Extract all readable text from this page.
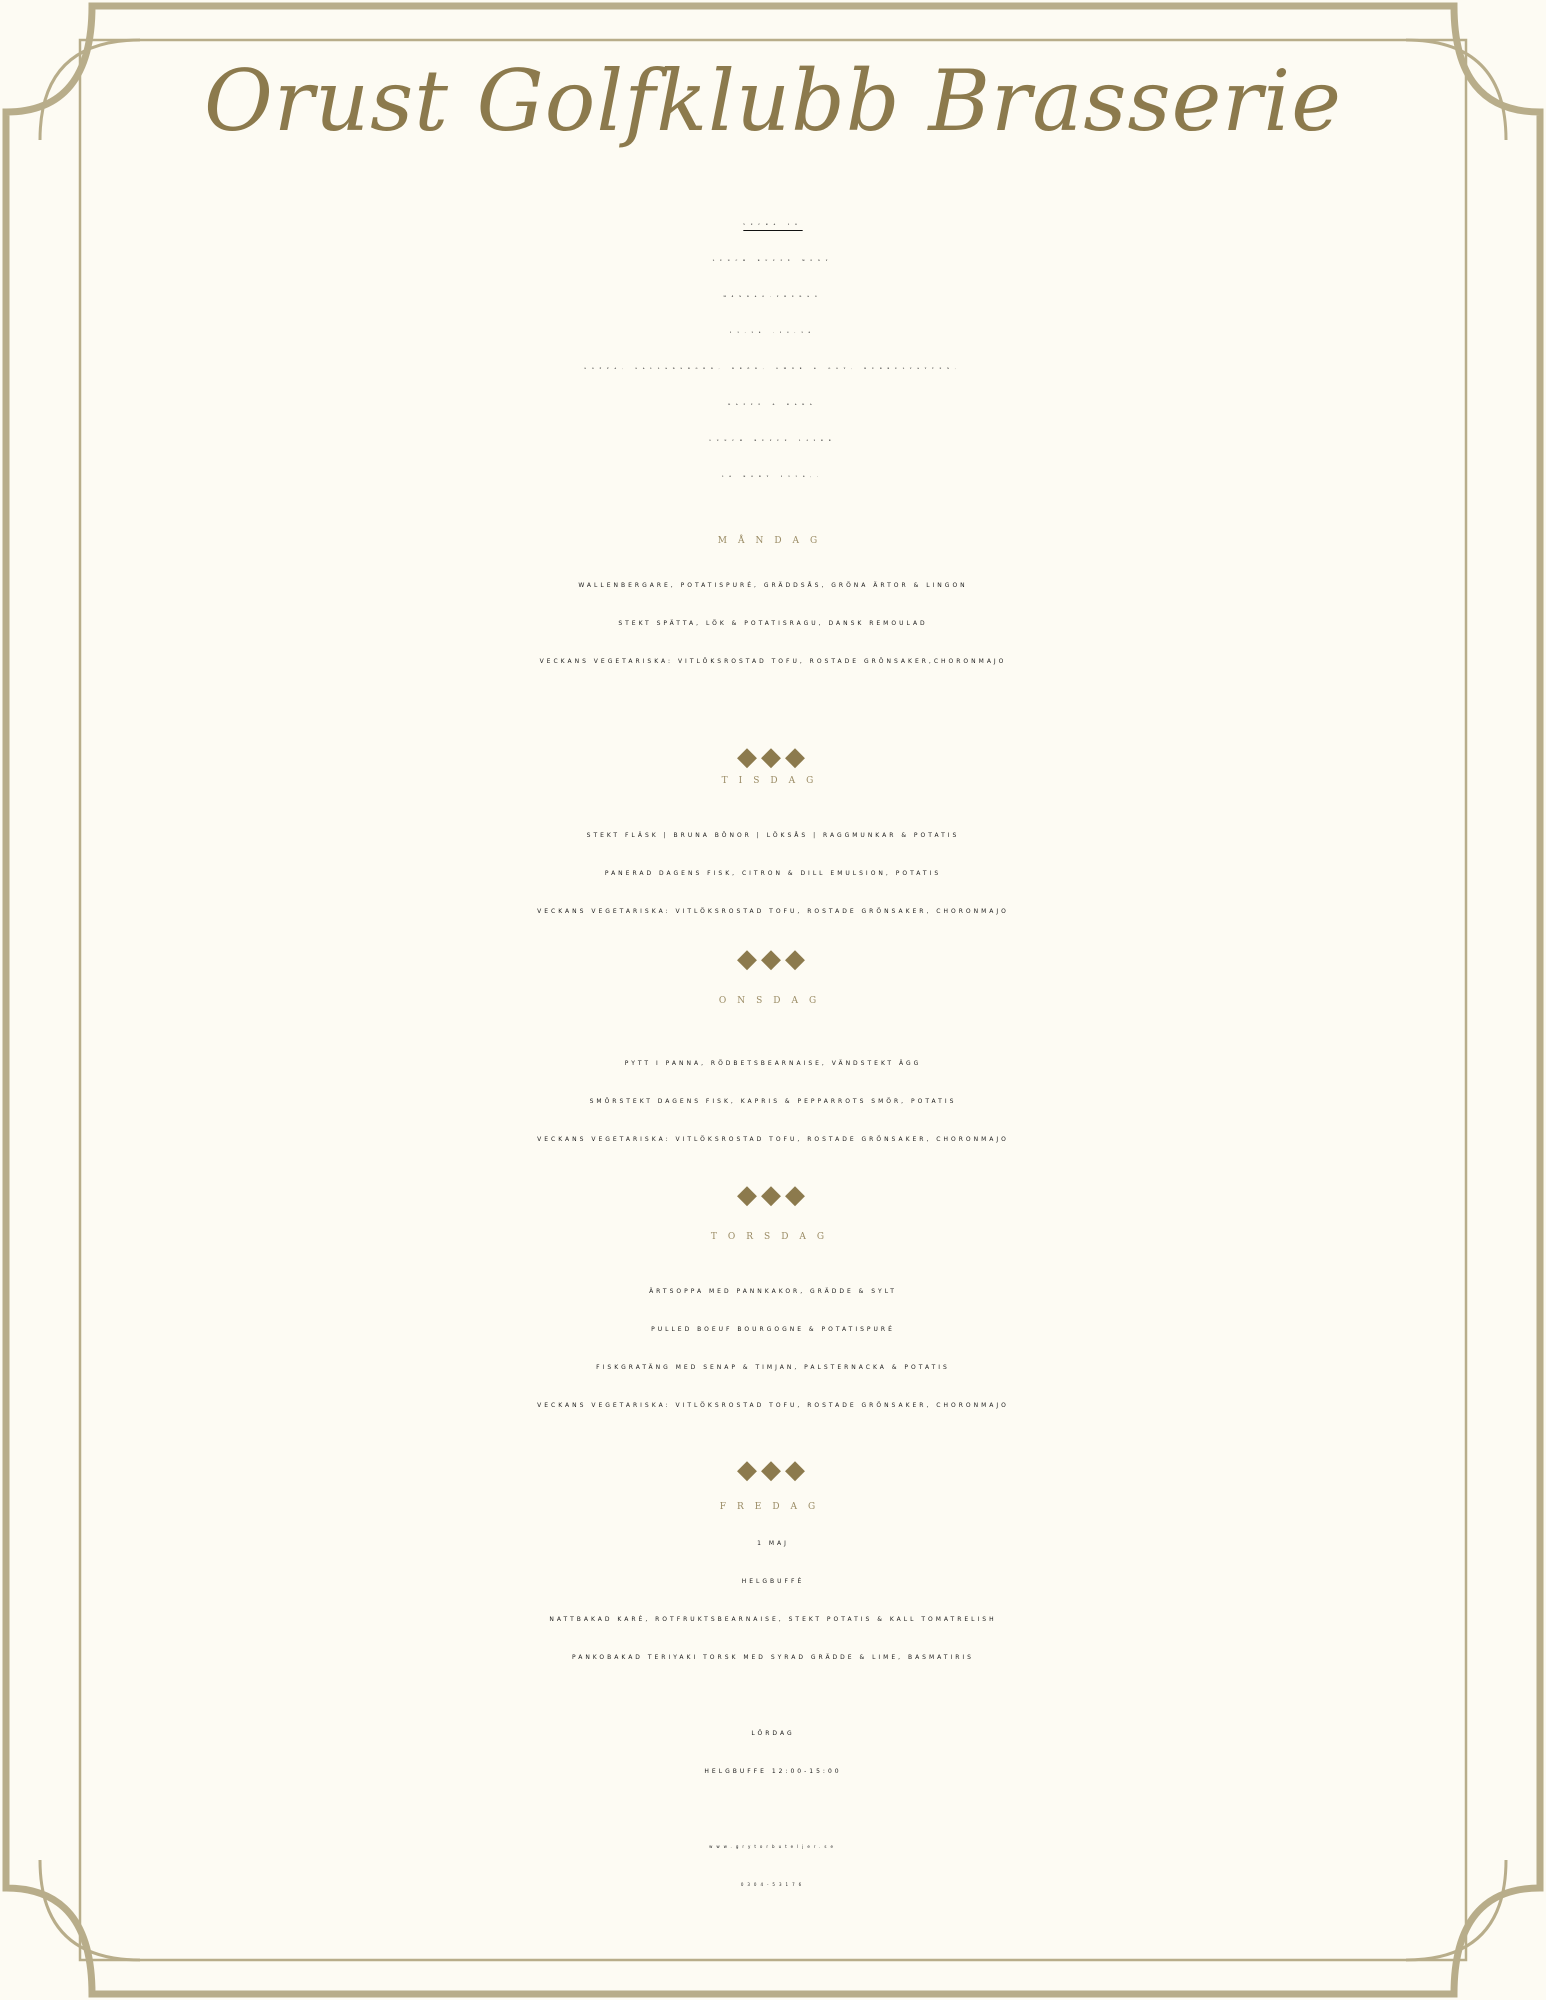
Orust Golfklubb Brasserie
VECKA 18
LUNCH BUFFÉ MENY
MÅNDAG-FREDAG
11:30 -14:30
SOPPA, SALLADSBORD, BRÖD, SMÖR & OST, BUBBELVATTEN,
KAFFE & KAKA
LUNCH BUFFE 149KR
10 KORT 1350;-
MÅNDAG
WALLENBERGARE, POTATISPURÉ, GRÄDDSÅS, GRÖNA ÄRTOR & LINGON
STEKT SPÄTTA, LÖK & POTATISRAGU, DANSK REMOULAD
VECKANS VEGETARISKA: VITLÖKSROSTAD TOFU, ROSTADE GRÖNSAKER,CHORONMAJO
◆◆◆
TISDAG
STEKT FLÄSK | BRUNA BÖNOR | LÖKSÅS | RAGGMUNKAR & POTATIS
PANERAD DAGENS FISK, CITRON & DILL EMULSION, POTATIS
VECKANS VEGETARISKA: VITLÖKSROSTAD TOFU, ROSTADE GRÖNSAKER, CHORONMAJO
◆◆◆
ONSDAG
PYTT I PANNA, RÖDBETSBEARNAISE, VÄNDSTEKT ÄGG
SMÖRSTEKT DAGENS FISK, KAPRIS & PEPPARROTS SMÖR, POTATIS
VECKANS VEGETARISKA: VITLÖKSROSTAD TOFU, ROSTADE GRÖNSAKER, CHORONMAJO
◆◆◆
TORSDAG
ÄRTSOPPA MED PANNKAKOR, GRÄDDE & SYLT
PULLED BOEUF BOURGOGNE & POTATISPURÉ
FISKGRATÄNG MED SENAP & TIMJAN, PALSTERNACKA & POTATIS
VECKANS VEGETARISKA: VITLÖKSROSTAD TOFU, ROSTADE GRÖNSAKER, CHORONMAJO
◆◆◆
FREDAG
1 MAJ
HELGBUFFÉ
NATTBAKAD KARÉ, ROTFRUKTSBEARNAISE, STEKT POTATIS & KALL TOMATRELISH
PANKOBAKAD TERIYAKI TORSK MED SYRAD GRÄDDE & LIME, BASMATIRIS
LÖRDAG
HELGBUFFE 12:00-15:00
www.grytorbuteljer.se
0304-53176
